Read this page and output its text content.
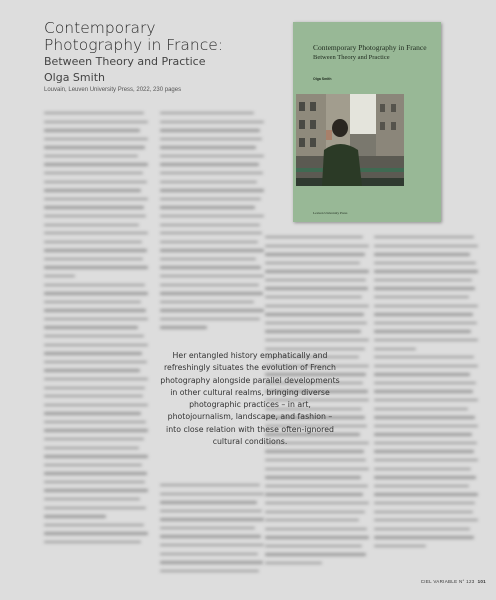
Contemporary Photography in France:
Between Theory and Practice
Olga Smith
Louvain, Leuven University Press, 2022, 230 pages
Contemporary Photography in France
Between Theory and Practice
Olga Smith
Leuven University Press
Her entangled history emphatically and refreshingly situates the evolution of French photography alongside parallel developments in other cultural realms, bringing diverse photographic practices – in art, photojournalism, landscape, and fashion – into close relation with these often-ignored cultural conditions.
CIEL VARIABLE N° 123 101
